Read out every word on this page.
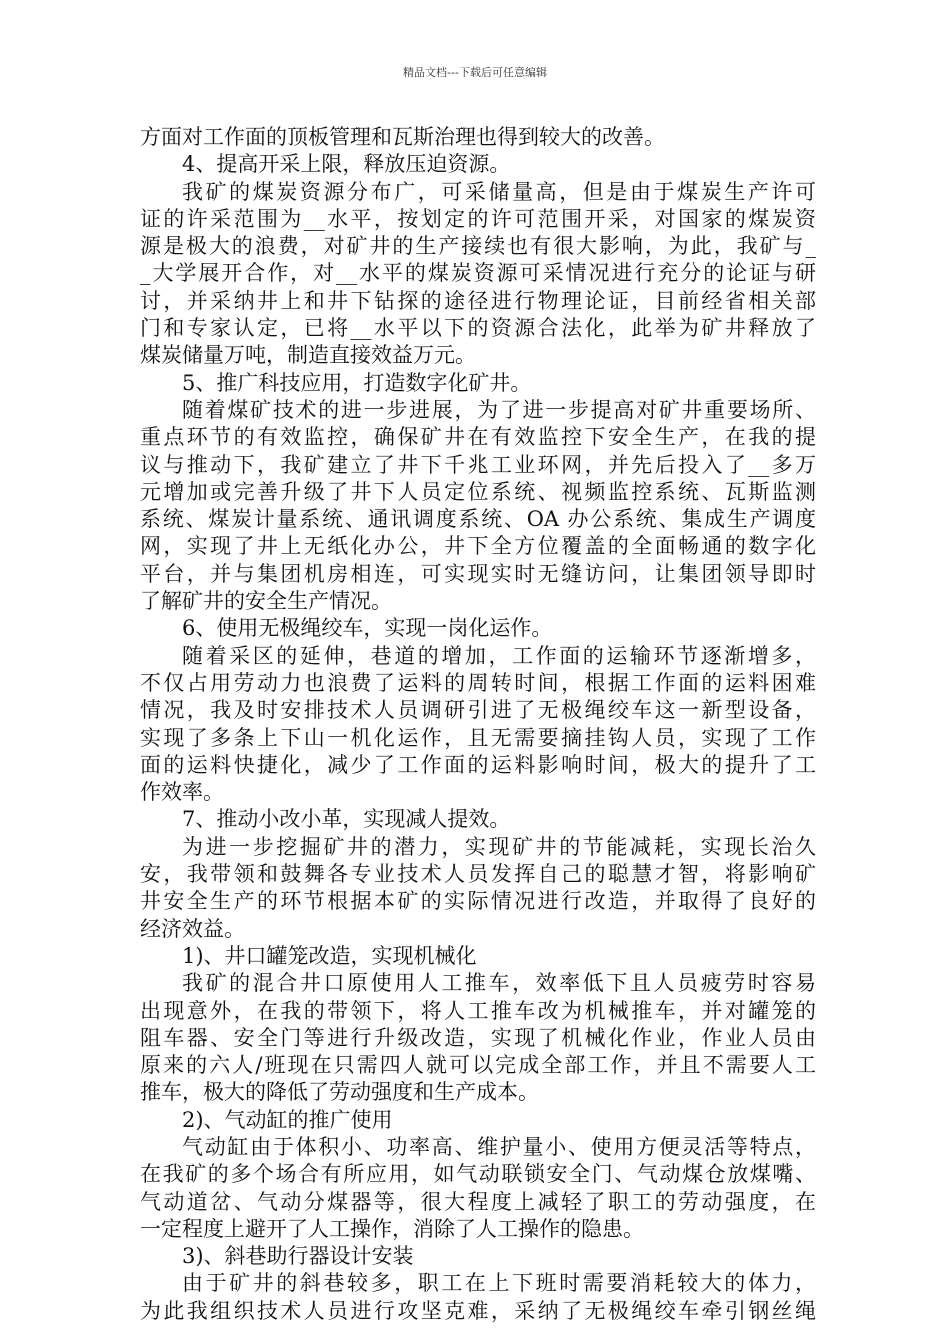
精品文档---下载后可任意编辑
方面对工作面的顶板管理和瓦斯治理也得到较大的改善。
4、提高开采上限，释放压迫资源。
我矿的煤炭资源分布广，可采储量高，但是由于煤炭生产许可
证的许采范围为__水平，按划定的许可范围开采，对国家的煤炭资
源是极大的浪费，对矿井的生产接续也有很大影响，为此，我矿与_
_大学展开合作，对__水平的煤炭资源可采情况进行充分的论证与研
讨，并采纳井上和井下钻探的途径进行物理论证，目前经省相关部
门和专家认定，已将__水平以下的资源合法化，此举为矿井释放了
煤炭储量万吨，制造直接效益万元。
5、推广科技应用，打造数字化矿井。
随着煤矿技术的进一步进展，为了进一步提高对矿井重要场所、
重点环节的有效监控，确保矿井在有效监控下安全生产，在我的提
议与推动下，我矿建立了井下千兆工业环网，并先后投入了__多万
元增加或完善升级了井下人员定位系统、视频监控系统、瓦斯监测
系统、煤炭计量系统、通讯调度系统、OA 办公系统、集成生产调度
网，实现了井上无纸化办公，井下全方位覆盖的全面畅通的数字化
平台，并与集团机房相连，可实现实时无缝访问，让集团领导即时
了解矿井的安全生产情况。
6、使用无极绳绞车，实现一岗化运作。
随着采区的延伸，巷道的增加，工作面的运输环节逐渐增多，
不仅占用劳动力也浪费了运料的周转时间，根据工作面的运料困难
情况，我及时安排技术人员调研引进了无极绳绞车这一新型设备，
实现了多条上下山一机化运作，且无需要摘挂钩人员，实现了工作
面的运料快捷化，减少了工作面的运料影响时间，极大的提升了工
作效率。
7、推动小改小革，实现减人提效。
为进一步挖掘矿井的潜力，实现矿井的节能减耗，实现长治久
安，我带领和鼓舞各专业技术人员发挥自己的聪慧才智，将影响矿
井安全生产的环节根据本矿的实际情况进行改造，并取得了良好的
经济效益。
1)、井口罐笼改造，实现机械化
我矿的混合井口原使用人工推车，效率低下且人员疲劳时容易
出现意外，在我的带领下，将人工推车改为机械推车，并对罐笼的
阻车器、安全门等进行升级改造，实现了机械化作业，作业人员由
原来的六人/班现在只需四人就可以完成全部工作，并且不需要人工
推车，极大的降低了劳动强度和生产成本。
2)、气动缸的推广使用
气动缸由于体积小、功率高、维护量小、使用方便灵活等特点，
在我矿的多个场合有所应用，如气动联锁安全门、气动煤仓放煤嘴、
气动道岔、气动分煤器等，很大程度上减轻了职工的劳动强度，在
一定程度上避开了人工操作，消除了人工操作的隐患。
3)、斜巷助行器设计安装
由于矿井的斜巷较多，职工在上下班时需要消耗较大的体力，
为此我组织技术人员进行攻坚克难，采纳了无极绳绞车牵引钢丝绳
